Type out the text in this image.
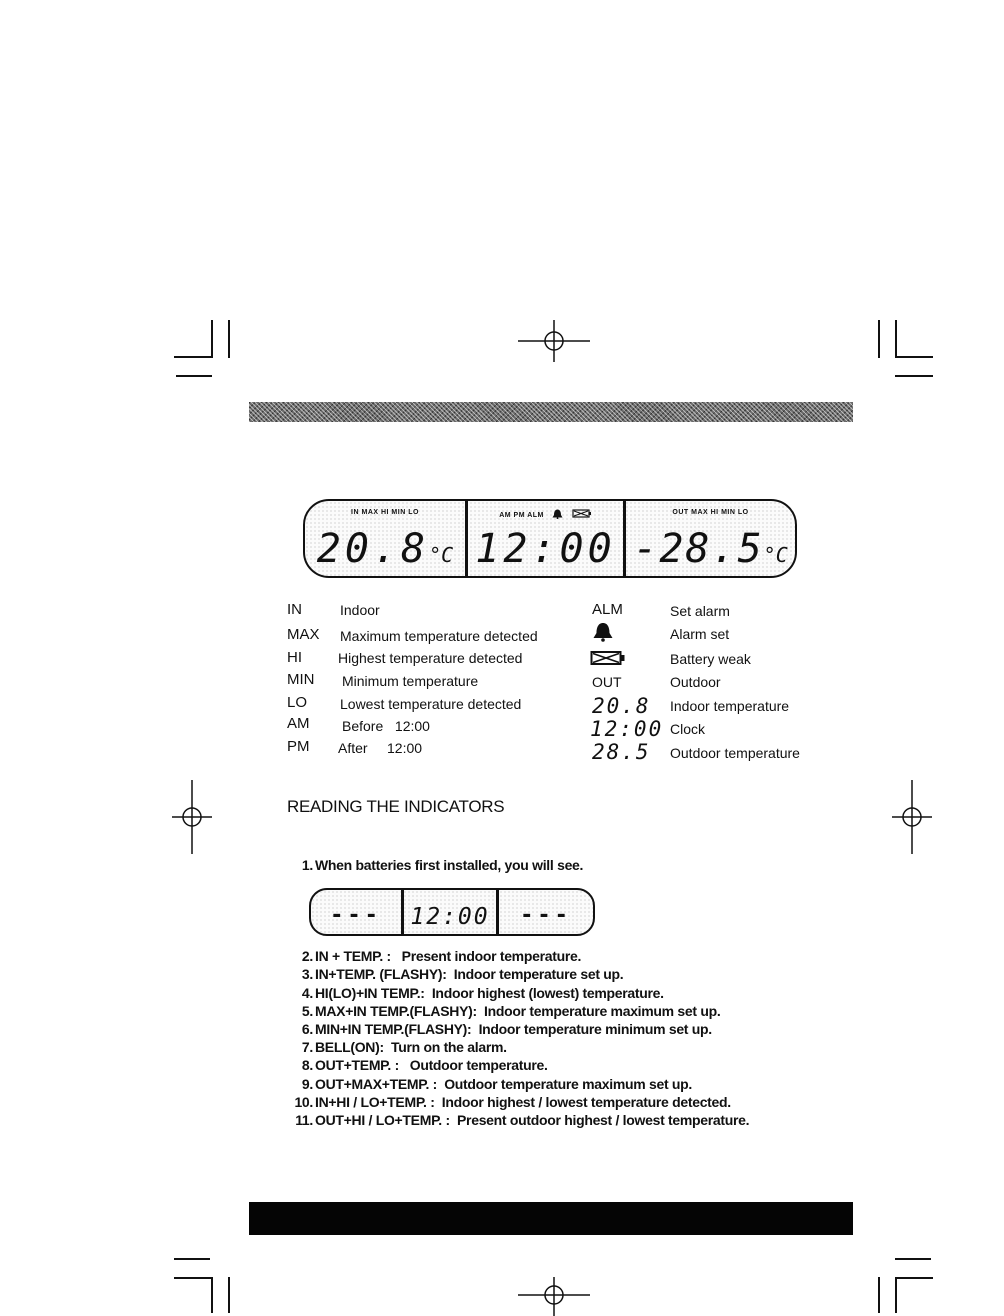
IN MAX HI MIN LO
20.8°C
AM PM ALM
12:00
OUT MAX HI MIN LO
-28.5°C
IN	Indoor
MAX Maximum temperature detected
HI	Highest temperature detected
MIN Minimum temperature
LO Lowest temperature detected
AM Before   12:00
PM After     12:00
ALM	Set alarm
Alarm set
Battery weak
OUT	Outdoor
20.8 Indoor temperature
12:00 Clock
28.5 Outdoor temperature
READING THE INDICATORS
1. When batteries first installed, you will see.
---	12:00	---
2. IN + TEMP. :   Present indoor temperature.
3. IN+TEMP. (FLASHY):  Indoor temperature set up.
4. HI(LO)+IN TEMP.:  Indoor highest (lowest) temperature.
5. MAX+IN TEMP.(FLASHY):  Indoor temperature maximum set up.
6. MIN+IN TEMP.(FLASHY):  Indoor temperature minimum set up.
7. BELL(ON):  Turn on the alarm.
8. OUT+TEMP. :   Outdoor temperature.
9. OUT+MAX+TEMP. :  Outdoor temperature maximum set up.
10. IN+HI / LO+TEMP. :  Indoor highest / lowest temperature detected.
11. OUT+HI / LO+TEMP. :  Present outdoor highest / lowest temperature.
